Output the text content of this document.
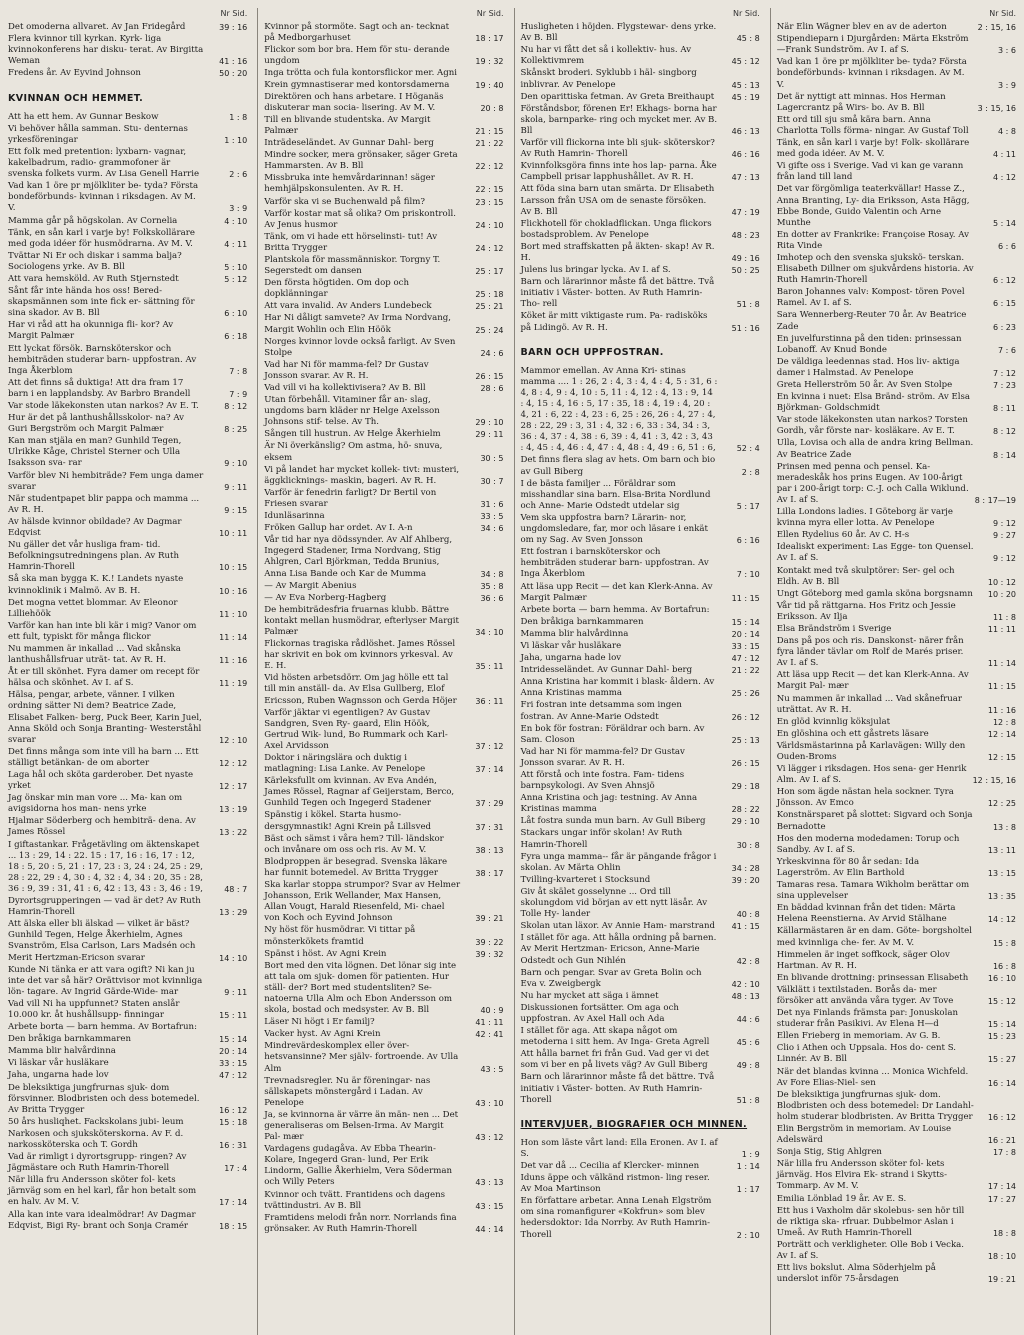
Nr Sid.
Det omoderna allvaret. Av Jan Fridegård	39 : 16
Flera kvinnor till kyrkan. Kyrk- liga kvinnokonferens har disku- terat. Av Birgitta Weman	41 : 16
Fredens år. Av Eyvind Johnson	50 : 20
KVINNAN OCH HEMMET.
Att ha ett hem. Av Gunnar Beskow	1 : 8
Vi behöver hålla samman. Stu- denternas yrkesföreningar	1 : 10
Ett folk med pretention: lyxbarn- vagnar, kakelbadrum, radio- grammofoner är svenska folkets vurm. Av Lisa Genell Harrie	2 : 6
Vad kan 1 öre pr mjölkliter be- tyda? Första bondeförbunds- kvinnan i riksdagen. Av M. V.	3 : 9
Mamma går på högskolan. Av Cornelia	4 : 10
Tänk, en sån karl i varje by! Folkskollärare med goda idéer för husmödrarna. Av M. V.	4 : 11
Tvättar Ni Er och diskar i samma balja? Sociologens yrke. Av B. Bll	5 : 10
Att vara hemsköld. Av Ruth Stjernstedt	5 : 12
Sånt får inte hända hos oss! Bered- skapsmännen som inte fick er- sättning för sina skador. Av B. Bll	6 : 10
Har vi råd att ha okunniga fli- kor? Av Margit Palmær	6 : 18
Ett lyckat försök. Barnsköterskor och hembiträden studerar barn- uppfostran. Av Inga Åkerblom	7 : 8
Att det finns så duktiga! Att dra fram 17 barn i en lapplandsby. Av Barbro Brandell	7 : 9
Var stode läkekonsten utan narkos? Av E. T.	8 : 12
Hur är det på lanthushållsskolor- na? Av Guri Bergström och Margit Palmær	8 : 25
Kan man stjäla en man? Gunhild Tegen, Ulrikke Kåge, Christel Sterner och Ulla Isaksson sva- rar	9 : 10
Varför blev Ni hembiträde? Fem unga damer svarar	9 : 11
När studentpapet blir pappa och mamma ... Av R. H.	9 : 15
Av hälsde kvinnor obildade? Av Dagmar Edqvist	10 : 11
Nu gäller det vår husliga fram- tid. Befolkningsutredningens plan. Av Ruth Hamrin-Thorell	10 : 15
Så ska man bygga K. K.! Landets nyaste kvinnoklinik i Malmö. Av B. H.	10 : 16
Det mogna vettet blommar. Av Eleonor Lilliehöök	11 : 10
Varför kan han inte bli kär i mig? Vanor om ett fult, typiskt för många flickor	11 : 14
Nu mammen är inkallad ... Vad skånska lanthushållsfruar uträt- tat. Av R. H.	11 : 16
Åt er till skönhet. Fyra damer om recept för hälsa och skönhet. Av I. af S.	11 : 19
Hälsa, pengar, arbete, vänner. I vilken ordning sätter Ni dem? Beatrice Zade, Elisabet Falken- berg, Puck Beer, Karin Juel, Anna Sköld och Sonja Branting- Westerståhl svarar	12 : 10
Det finns många som inte vill ha barn ... Ett ställigt betänkan- de om aborter	12 : 12
Laga hål och sköta garderober. Det nyaste yrket	12 : 17
Jag önskar min man vore ... Ma- kan om avigsidorna hos man- nens yrke	13 : 19
Hjalmar Söderberg och hembiträ- dena. Av James Rössel	13 : 22
I giftastankar. Frågetävling om äktenskapet ... 13 : 29, 14 : 22. 15 : 17, 16 : 16, 17 : 12, 18 : 5, 20 : 5, 21 : 17, 23 : 3, 24 : 24, 25 : 29, 28 : 22, 29 : 4, 30 : 4, 32 : 4, 34 : 20, 35 : 28, 36 : 9, 39 : 31, 41 : 6, 42 : 13, 43 : 3, 46 : 19,	48 : 7
Dyrortsgrupperingen — vad är det? Av Ruth Hamrin-Thorell	13 : 29
Att älska eller bli älskad — vilket är bäst? Gunhild Tegen, Helge Åkerhielm, Agnes Svanström, Elsa Carlson, Lars Madsén och Merit Hertzman-Ericson svarar	14 : 10
Kunde Ni tänka er att vara ogift? Ni kan ju inte det var så här? Orättvisor mot kvinnliga lön- tagare. Av Ingrid Gärde-Wide- mar	9 : 11
Vad vill Ni ha uppfunnet? Staten anslår 10.000 kr. åt hushållsupp- finningar	15 : 11
Arbete borta — barn hemma. Av Bortafrun:
Den bråkiga barnkammaren	15 : 14
Mamma blir halvårdinna	20 : 14
Vi läskar vår husläkare	33 : 15
Jaha, ungarna hade lov	47 : 12
De bleksiktiga jungfrurnas sjuk- dom försvinner. Blodbristen och dess botemedel. Av Britta Trygger	16 : 12
50 års husliqhet. Fackskolans jubi- leum	15 : 18
Narkosen och sjuksköterskorna. Av F. d. narkossköterska och T. Gordh	16 : 31
Vad är rimligt i dyrortsgrupp- ringen? Av Jägmästare och Ruth Hamrin-Thorell	17 : 4
När lilla fru Andersson sköter fol- kets järnväg som en hel karl, får hon betalt som en halv. Av M. V.	17 : 14
Alla kan inte vara idealmödrar! Av Dagmar Edqvist, Bigi Ry- brant och Sonja Cramér	18 : 15
Nr Sid.
Kvinnor på stormöte. Sagt och an- tecknat på Medborgarhuset	18 : 17
Flickor som bor bra. Hem för stu- derande ungdom	19 : 32
Inga trötta och fula kontorsflickor mer. Agni Krein gymnastiserar med kontorsdamerna	19 : 40
Direktören och hans arbetare. I Höganäs diskuterar man socia- lisering. Av M. V.	20 : 8
Till en blivande studentska. Av Margit Palmær	21 : 15
Inträdeseländet. Av Gunnar Dahl- berg	21 : 22
Mindre socker, mera grönsaker, säger Greta Hammarsten. Av B. Bll	22 : 12
Missbruka inte hemvårdarinnan! säger hemhjälpskonsulenten. Av R. H.	22 : 15
Varför ska vi se Buchenwald på film?	23 : 15
Varför kostar mat så olika? Om priskontroll. Av Jenus husmor	24 : 10
Tänk, om vi hade ett hörselinsti- tut! Av Britta Trygger	24 : 12
Plantskola för massmänniskor. Torgny T. Segerstedt om dansen	25 : 17
Den första högtiden. Om dop och dopklänningar	25 : 18
Att vara invalid. Av Anders Lundebeck	25 : 21
Har Ni dåligt samvete? Av Irma Nordvang, Margit Wohlin och Elin Höök	25 : 24
Norges kvinnor lovde också farligt. Av Sven Stolpe	24 : 6
Vad har Ni för mamma-fel? Dr Gustav Jonsson svarar. Av R. H.	26 : 15
Vad vill vi ha kollektivisera? Av B. Bll	28 : 6
Utan förbehåll. Vitaminer får an- slag, ungdoms barn kläder nr Helge Axelsson Johnsons stif- telse. Av Th.	29 : 10
Sången till hustrun. Av Helge Åkerhielm	29 : 11
Är Ni överkänslig? Om astma, hö- snuva, eksem	30 : 5
Vi på landet har mycket kollek- tivt: musteri, äggklicknings- maskin, bageri. Av R. H.	30 : 7
Varför är fenedrin farligt? Dr Bertil von Friesen svarar	31 : 6
Idunläsarinna	33 : 5
Fröken Gallup har ordet. Av I. A-n	34 : 6
Vår tid har nya dödssynder. Av Alf Ahlberg, Ingegerd Stadener, Irma Nordvang, Stig Ahlgren, Carl Björkman, Tedda Brunius, Anna Lisa Bande och Kar de Mumma	34 : 8
— Av Margit Abenius	35 : 8
— Av Eva Norberg-Hagberg	36 : 6
De hembiträdesfria fruarnas klubb. Bättre kontakt mellan husmödrar, efterlyser Margit Palmær	34 : 10
Flickornas tragiska rådlöshet. James Rössel har skrivit en bok om kvinnors yrkesval. Av E. H.	35 : 11
Vid hösten arbetsdörr. Om jag hölle ett tal till min anställ- da. Av Elsa Gullberg, Elof Ericsson, Ruben Wagnsson och Gerda Höjer	36 : 11
Varför jäktar vi egentligen? Av Gustav Sandgren, Sven Ry- gaard, Elin Höök, Gertrud Wik- lund, Bo Rummark och Karl- Axel Arvidsson	37 : 12
Doktor i näringslära och duktig i matlagning: Lisa Lanke. Av Penelope	37 : 14
Kärleksfullt om kvinnan. Av Eva Andén, James Rössel, Ragnar af Geijerstam, Berco, Gunhild Tegen och Ingegerd Stadener	37 : 29
Spänstig i kökel. Starta husmo- dersgymnastik! Agni Krein på Lillsved	37 : 31
Bäst och sämst i våra hem? Till- ländskor och invånare om oss och ris. Av M. V.	38 : 13
Blodproppen är besegrad. Svenska läkare har funnit botemedel. Av Britta Trygger	38 : 17
Ska karlar stoppa strumpor? Svar av Helmer Johansson, Erik Wellander, Max Hansen, Allan Vougt, Harald Riesenfeld, Mi- chael von Koch och Eyvind Johnson	39 : 21
Ny höst för husmödrar. Vi tittar på mönsterkökets framtid	39 : 22
Spänst i höst. Av Agni Krein	39 : 32
Bort med den vita lögnen. Det lönar sig inte att tala om sjuk- domen för patienten. Hur ställ- der? Bort med studentsliten? Se- natoerna Ulla Alm och Ebon Andersson om skola, bostad och medsyster. Av B. Bll	40 : 9
Läser Ni högt i Er familj?	41 : 11
Vacker hyst. Av Agni Krein	42 : 41
Mindrevärdeskomplex eller över- hetsvansinne? Mer själv- fortroende. Av Ulla Alm	43 : 5
Trevnadsregler. Nu är föreningar- nas sällskapets mönstergård i Ladan. Av Penelope	43 : 10
Ja, se kvinnorna är värre än män- nen ... Det generaliseras om Belsen-Irma. Av Margit Pal- mær	43 : 12
Vardagens gudagåva. Av Ebba Thearin-Kolare, Ingegerd Gran- lund, Per Erik Lindorm, Gallie Åkerhielm, Vera Söderman och Willy Peters	43 : 13
Kvinnor och tvätt. Frantidens och dagens tvättindustri. Av B. Bll	43 : 15
Framtidens melodi från norr. Norrlands fina grönsaker. Av Ruth Hamrin-Thorell	44 : 14
Nr Sid.
Husligheten i höjden. Flygstewar- dens yrke. Av B. Bll	45 : 8
Nu har vi fått det så i kollektiv- hus. Av Kollektivmrem	45 : 12
Skånskt broderi. Syklubb i häl- singborg inblivrar. Av Penelope	45 : 13
Den oparittiska fetman. Av Greta Breithaupt	45 : 19
Förståndsbor, förenen Er! Ekhags- borna har skola, barnparke- ring och mycket mer. Av B. Bll	46 : 13
Varför vill flickorna inte bli sjuk- sköterskor? Av Ruth Hamrin- Thorell	46 : 16
Kvinnfolksgöra finns inte hos lap- parna. Åke Campbell prisar lapphushållet. Av R. H.	47 : 13
Att föda sina barn utan smärta. Dr Elisabeth Larsson från USA om de senaste försöken. Av B. Bll	47 : 19
Flickhotell för chokladflickan. Unga flickors bostadsproblem. Av Penelope	48 : 23
Bort med straffskatten på äkten- skap! Av R. H.	49 : 16
Julens lus bringar lycka. Av I. af S.	50 : 25
Barn och lärarinnor måste få det bättre. Två initiativ i Väster- botten. Av Ruth Hamrin-Tho- rell	51 : 8
Köket är mitt viktigaste rum. Pa- radisköks på Lidingö. Av R. H.	51 : 16
BARN OCH UPPFOSTRAN.
Mammor emellan. Av Anna Kri- stinas mamma .... 1 : 26, 2 : 4, 3 : 4, 4 : 4, 5 : 31, 6 : 4, 8 : 4, 9 : 4, 10 : 5, 11 : 4, 12 : 4, 13 : 9, 14 : 4, 15 : 4, 16 : 5, 17 : 35, 18 : 4, 19 : 4, 20 : 4, 21 : 6, 22 : 4, 23 : 6, 25 : 26, 26 : 4, 27 : 4, 28 : 22, 29 : 3, 31 : 4, 32 : 6, 33 : 34, 34 : 3, 36 : 4, 37 : 4, 38 : 6, 39 : 4, 41 : 3, 42 : 3, 43 : 4, 45 : 4, 46 : 4, 47 : 4, 48 : 4, 49 : 6, 51 : 6,	52 : 4
Det finns flera slag av hets. Om barn och bio av Gull Biberg	2 : 8
I de bästa familjer ... Föräldrar som misshandlar sina barn. Elsa-Brita Nordlund och Anne- Marie Odstedt utdelar sig	5 : 17
Vem ska uppfostra barn? Lärarin- nor, ungdomsledare, far, mor och läsare i enkät om ny Sag. Av Sven Jonsson	6 : 16
Ett fostran i barnsköterskor och hembiträden studerar barn- uppfostran. Av Inga Åkerblom	7 : 10
Att läsa upp Recit — det kan Klerk-Anna. Av Margit Palmær	11 : 15
Arbete borta — barn hemma. Av Bortafrun:
Den bråkiga barnkammaren	15 : 14
Mamma blir halvårdinna	20 : 14
Vi läskar vår husläkare	33 : 15
Jaha, ungarna hade lov	47 : 12
Intridesseländet. Av Gunnar Dahl- berg	21 : 22
Anna Kristina har kommit i blask- åldern. Av Anna Kristinas mamma	25 : 26
Fri fostran inte detsamma som ingen fostran. Av Anne-Marie Odstedt	26 : 12
En bok för fostran: Föräldrar och barn. Av Sam. Closon	25 : 13
Vad har Ni för mamma-fel? Dr Gustav Jonsson svarar. Av R. H.	26 : 15
Att förstå och inte fostra. Fam- tidens barnpsykologi. Av Sven Ahnsjö	29 : 18
Anna Kristina och jag: testning. Av Anna Kristinas mamma	28 : 22
Låt fostra sunda mun barn. Av Gull Biberg	29 : 10
Stackars ungar inför skolan! Av Ruth Hamrin-Thorell	30 : 8
Fyra unga mamma-- får är pängande frågor i skolan. Av Märta Ohlin	34 : 28
Tvilling-kvarteret i Stocksund	39 : 20
Giv åt skälet gosselynne ... Ord till skolungdom vid början av ett nytt läsår. Av Tolle Hy- lander	40 : 8
Skolan utan läxor. Av Annie Ham- marstrand	41 : 15
I stället för aga. Att hålla ordning på barnen. Av Merit Hertzman- Ericson, Anne-Marie Odstedt och Gun Nihlén	42 : 8
Barn och pengar. Svar av Greta Bolin och Eva v. Zweigbergk	42 : 10
Nu har mycket att säga i ämnet	48 : 13
Diskussionen fortsätter. Om aga och uppfostran. Av Axel Hall och Ada	44 : 6
I stället för aga. Att skapa något om metoderna i sitt hem. Av Inga- Greta Agrell	45 : 6
Att hålla barnet fri från Gud. Vad ger vi det som vi ber en på livets väg? Av Gull Biberg	49 : 8
Barn och lärarinnor måste få det bättre. Två initiativ i Väster- botten. Av Ruth Hamrin-Thorell	51 : 8
INTERVJUER, BIOGRAFIER OCH MINNEN.
Hon som läste vårt land: Ella Eronen. Av I. af S.	1 : 9
Det var då ... Cecilia af Klercker- minnen	1 : 14
Iduns äppe och välkänd ristmon- ling reser. Av Moa Martinson	1 : 17
En författare arbetar. Anna Lenah Elgström om sina romanfigurer «Kokfrun» som blev hedersdoktor: Ida Norrby. Av Ruth Hamrin- Thorell	2 : 10
Nr Sid.
När Elin Wägner blev en av de aderton	2 : 15, 16
Stipendieparn i Djurgården: Märta Ekström—Frank Sundström. Av I. af S.	3 : 6
Vad kan 1 öre pr mjölkliter be- tyda? Första bondeförbunds- kvinnan i riksdagen. Av M. V.	3 : 9
Det är nyttigt att minnas. Hos Herman Lagercrantz på Wirs- bo. Av B. Bll	3 : 15, 16
Ett ord till sju små kära barn. Anna Charlotta Tolls förma- ningar. Av Gustaf Toll	4 : 8
Tänk, en sån karl i varje by! Folk- skollärare med goda idéer. Av M. V.	4 : 11
Vi gifte oss i Sverige. Vad vi kan ge varann från land till land	4 : 12
Det var förgömliga teaterkvällar! Hasse Z., Anna Branting, Ly- dia Eriksson, Asta Hägg, Ebbe Bonde, Guido Valentin och Arne Munthe	5 : 14
En dotter av Frankrike: Françoise Rosay. Av Rita Vinde	6 : 6
Imhotep och den svenska sjukskö- terskan. Elisabeth Dillner om sjukvårdens historia. Av Ruth Hamrin-Thorell	6 : 12
Baron Johannes valv: Kompost- tören Povel Ramel. Av I. af S.	6 : 15
Sara Wennerberg-Reuter 70 år. Av Beatrice Zade	6 : 23
En juvelfurstinna på den tiden: prinsessan Lobanoff. Av Knud Bonde	7 : 6
De väldiga leedennas stad. Hos liv- aktiga damer i Halmstad. Av Penelope	7 : 12
Greta Hellerström 50 år. Av Sven Stolpe	7 : 23
En kvinna i nuet: Elsa Bränd- ström. Av Elsa Björkman- Goldschmidt	8 : 11
Var stode läkekonsten utan narkos? Torsten Gordh, vår förste nar- kosläkare. Av E. T.	8 : 12
Ulla, Lovisa och alla de andra kring Bellman. Av Beatrice Zade	8 : 14
Prinsen med penna och pensel. Ka- meradeskåk hos prins Eugen. Av 100-årigt par i 200-årigt torp: C.-J. och Calla Wiklund. Av I. af S.	8 : 17—19
Lilla Londons ladies. I Göteborg är varje kvinna myra eller lotta. Av Penelope	9 : 12
Ellen Rydelius 60 år. Av C. H-s	9 : 27
Idealiskt experiment: Las Egge- ton Quensel. Av I. af S.	9 : 12
Kontakt med två skulptörer: Ser- gel och Eldh. Av B. Bll	10 : 12
Ungt Göteborg med gamla sköna borgsnamn	10 : 20
Vår tid på rättgarna. Hos Fritz och Jessie Eriksson. Av Ilja	11 : 8
Elsa Brändström i Sverige	11 : 11
Dans på pos och ris. Danskonst- närer från fyra länder tävlar om Rolf de Marés priser. Av I. af S.	11 : 14
Att läsa upp Recit — det kan Klerk-Anna. Av Margit Pal- mær	11 : 15
Nu mammen är inkallad ... Vad skånefruar uträttat. Av R. H.	11 : 16
En glöd kvinnlig köksjulat	12 : 8
En glöshina och ett gåstrets läsare	12 : 14
Världsmästarinna på Karlavägen: Willy den Ouden-Broms	12 : 15
Vi lägger i riksdagen. Hos sena- ger Henrik Alm. Av I. af S.	12 : 15, 16
Hon som ägde nästan hela sockner. Tyra Jönsson. Av Emco	12 : 25
Konstnärsparet på slottet: Sigvard och Sonja Bernadotte	13 : 8
Hos den moderna modedamen: Torup och Sandby. Av I. af S.	13 : 11
Yrkeskvinna för 80 år sedan: Ida Lagerström. Av Elin Barthold	13 : 15
Tamaras resa. Tamara Wikholm berättar om sina upplevelser	13 : 35
En bäddad kvinnan från det tiden: Märta Helena Reenstierna. Av Arvid Stälhane	14 : 12
Källarmästaren är en dam. Göte- borgsholtel med kvinnliga che- fer. Av M. V.	15 : 8
Himmelen är inget soffkock, säger Olov Hartman. Av R. H.	16 : 8
En blivande drottning: prinsessan Elisabeth	16 : 10
Välklätt i textilstaden. Borås da- mer försöker att använda våra tyger. Av Tove	15 : 12
Det nya Finlands främsta par: Jonuskolan studerar från Pasikivi. Av Elena H—d	15 : 14
Ellen Frieberg in memoriam. Av G. B.	15 : 23
Clio i Athen och Uppsala. Hos do- cent S. Linnér. Av B. Bll	15 : 27
När det blandas kvinna ... Monica Wichfeld. Av Fore Elias-Niel- sen	16 : 14
De bleksiktiga jungfrurnas sjuk- dom. Blodbristen och dess botemedel: Dr Landahl- holm studerar blodbristen. Av Britta Trygger	16 : 12
Elin Bergström in memoriam. Av Louise Adelswärd	16 : 21
Sonja Stig, Stig Ahlgren	17 : 8
När lilla fru Andersson sköter fol- kets järnväg. Hos Elvira Ek- strand i Skytts-Tommarp. Av M. V.	17 : 14
Emilia Lönblad 19 år. Av E. S.	17 : 27
Ett hus i Vaxholm där skolebus- sen hör till de riktiga ska- rfruar. Dubbelmor Aslan i Umeå. Av Ruth Hamrin-Thorell	18 : 8
Porträtt och verkligheter. Olle Bob i Vecka. Av I. af S.	18 : 10
Ett livs bokslut. Alma Söderhjelm på underslot inför 75-årsdagen	19 : 21
